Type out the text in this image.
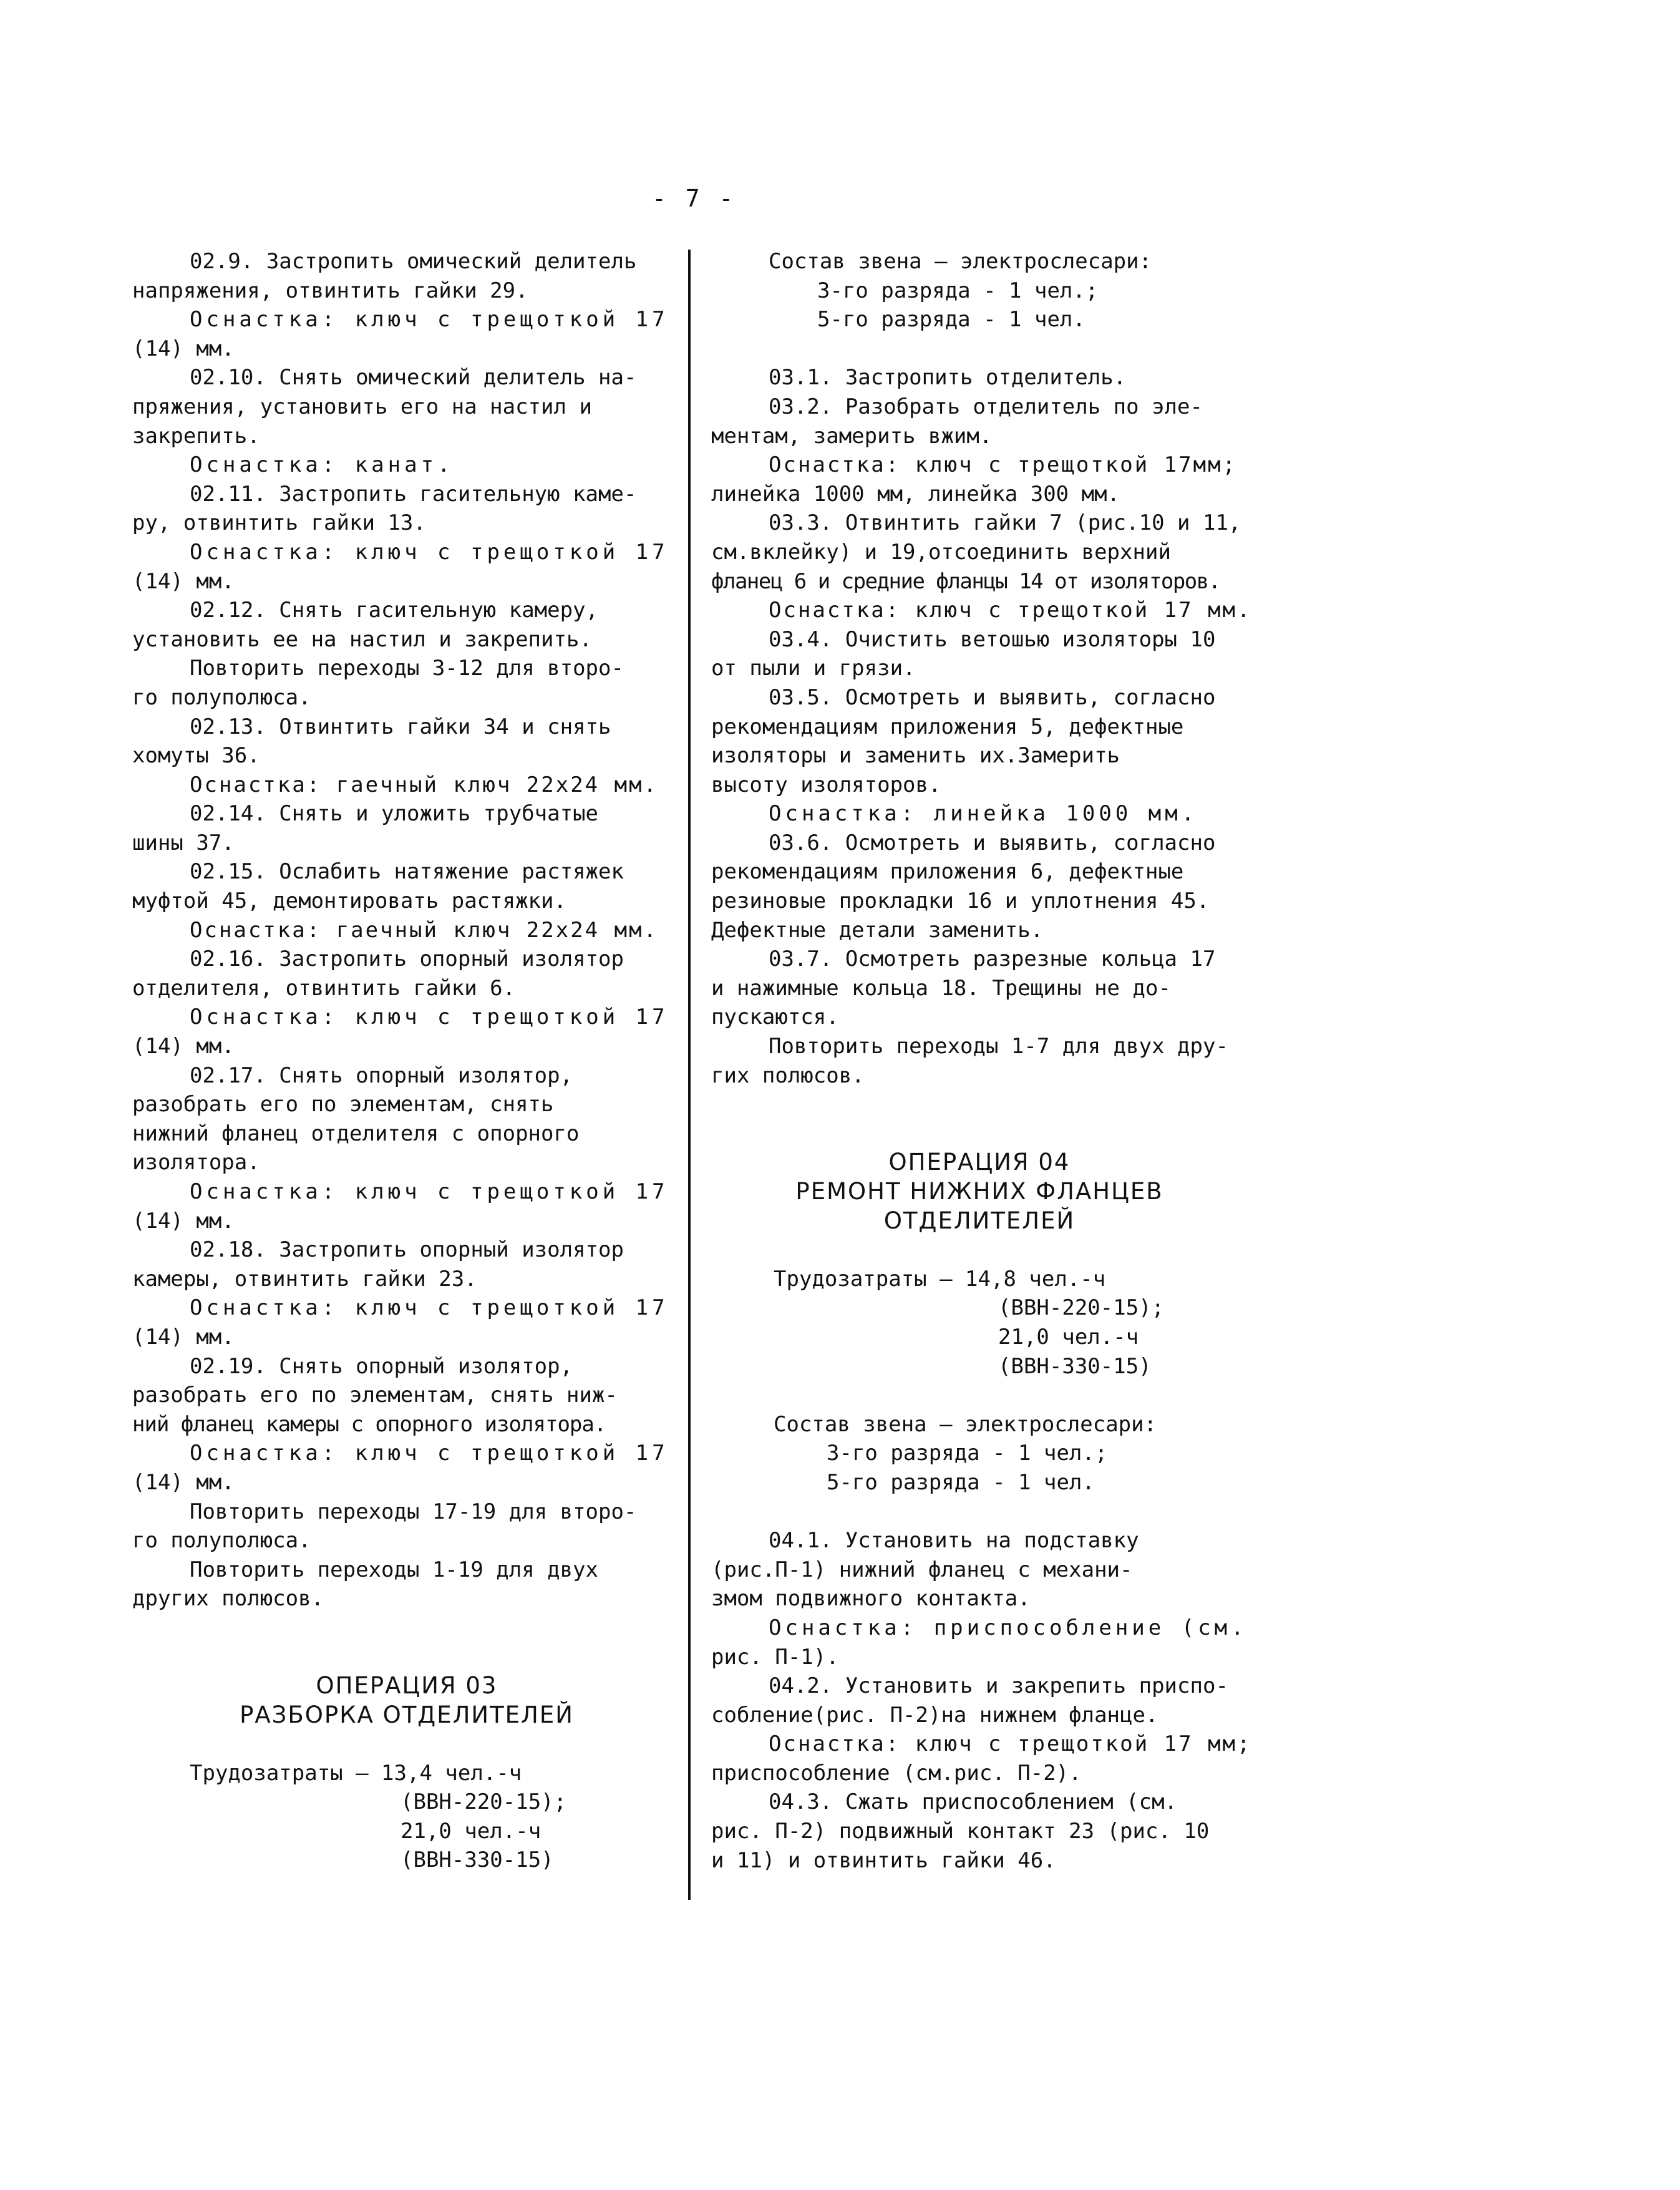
- 7 -
02.9. Застропить омический делитель
напряжения, отвинтить гайки 29.
Оснастка: ключ с трещоткой 17
(14) мм.
02.10. Снять омический делитель на-
пряжения, установить его на настил и
закрепить.
Оснастка: канат.
02.11. Застропить гасительную каме-
ру, отвинтить гайки 13.
Оснастка: ключ с трещоткой 17
(14) мм.
02.12. Снять гасительную камеру,
установить ее на настил и закрепить.
Повторить переходы 3-12 для второ-
го полуполюса.
02.13. Отвинтить гайки 34 и снять
хомуты 36.
Оснастка: гаечный ключ 22х24 мм.
02.14. Снять и уложить трубчатые
шины 37.
02.15. Ослабить натяжение растяжек
муфтой 45, демонтировать растяжки.
Оснастка: гаечный ключ 22х24 мм.
02.16. Застропить опорный изолятор
отделителя, отвинтить гайки 6.
Оснастка: ключ с трещоткой 17
(14) мм.
02.17. Снять опорный изолятор,
разобрать его по элементам, снять
нижний фланец отделителя с опорного
изолятора.
Оснастка: ключ с трещоткой 17
(14) мм.
02.18. Застропить опорный изолятор
камеры, отвинтить гайки 23.
Оснастка: ключ с трещоткой 17
(14) мм.
02.19. Снять опорный изолятор,
разобрать его по элементам, снять ниж-
ний фланец камеры с опорного изолятора.
Оснастка: ключ с трещоткой 17
(14) мм.
Повторить переходы 17-19 для второ-
го полуполюса.
Повторить переходы 1-19 для двух
других полюсов.
ОПЕРАЦИЯ 03
РАЗБОРКА ОТДЕЛИТЕЛЕЙ
Трудозатраты — 13,4 чел.-ч
(ВВН-220-15);
21,0 чел.-ч
(ВВН-330-15)
Состав звена — электрослесари:
3-го разряда - 1 чел.;
5-го разряда - 1 чел.
03.1. Застропить отделитель.
03.2. Разобрать отделитель по эле-
ментам, замерить вжим.
Оснастка: ключ с трещоткой 17мм;
линейка 1000 мм, линейка 300 мм.
03.3. Отвинтить гайки 7 (рис.10 и 11,
см.вклейку) и 19,отсоединить верхний
фланец 6 и средние фланцы 14 от изоляторов.
Оснастка: ключ с трещоткой 17 мм.
03.4. Очистить ветошью изоляторы 10
от пыли и грязи.
03.5. Осмотреть и выявить, согласно
рекомендациям приложения 5, дефектные
изоляторы и заменить их.Замерить
высоту изоляторов.
Оснастка: линейка 1000 мм.
03.6. Осмотреть и выявить, согласно
рекомендациям приложения 6, дефектные
резиновые прокладки 16 и уплотнения 45.
Дефектные детали заменить.
03.7. Осмотреть разрезные кольца 17
и нажимные кольца 18. Трещины не до-
пускаются.
Повторить переходы 1-7 для двух дру-
гих полюсов.
ОПЕРАЦИЯ 04
РЕМОНТ НИЖНИХ ФЛАНЦЕВ
ОТДЕЛИТЕЛЕЙ
Трудозатраты — 14,8 чел.-ч
(ВВН-220-15);
21,0 чел.-ч
(ВВН-330-15)
Состав звена — электрослесари:
3-го разряда - 1 чел.;
5-го разряда - 1 чел.
04.1. Установить на подставку
(рис.П-1) нижний фланец с механи-
змом подвижного контакта.
Оснастка: приспособление (см.
рис. П-1).
04.2. Установить и закрепить приспо-
собление(рис. П-2)на нижнем фланце.
Оснастка: ключ с трещоткой 17 мм;
приспособление (см.рис. П-2).
04.3. Сжать приспособлением (см.
рис. П-2) подвижный контакт 23 (рис. 10
и 11) и отвинтить гайки 46.
